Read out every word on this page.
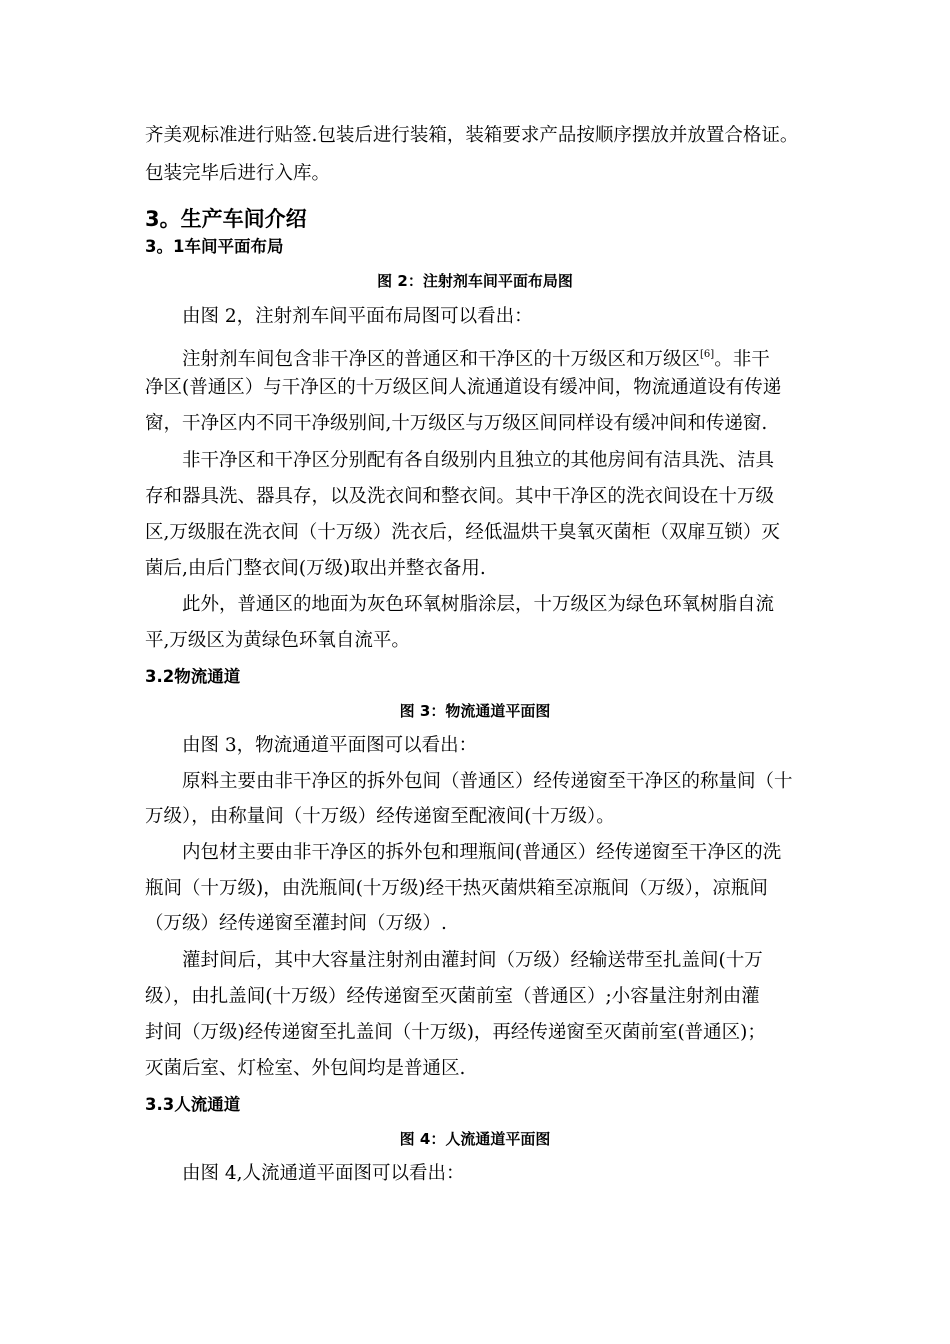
齐美观标准进行贴签.包装后进行装箱，装箱要求产品按顺序摆放并放置合格证。
包装完毕后进行入库。
3。生产车间介绍
3。1车间平面布局
图 2：注射剂车间平面布局图
由图 2，注射剂车间平面布局图可以看出：
注射剂车间包含非干净区的普通区和干净区的十万级区和万级区[6]。非干
净区(普通区）与干净区的十万级区间人流通道设有缓冲间，物流通道设有传递
窗，干净区内不同干净级别间,十万级区与万级区间同样设有缓冲间和传递窗.
非干净区和干净区分别配有各自级别内且独立的其他房间有洁具洗、洁具
存和器具洗、器具存，以及洗衣间和整衣间。其中干净区的洗衣间设在十万级
区,万级服在洗衣间（十万级）洗衣后，经低温烘干臭氧灭菌柜（双扉互锁）灭
菌后,由后门整衣间(万级)取出并整衣备用.
此外，普通区的地面为灰色环氧树脂涂层，十万级区为绿色环氧树脂自流
平,万级区为黄绿色环氧自流平。
3.2物流通道
图 3：物流通道平面图
由图 3，物流通道平面图可以看出：
原料主要由非干净区的拆外包间（普通区）经传递窗至干净区的称量间（十
万级），由称量间（十万级）经传递窗至配液间(十万级）。
内包材主要由非干净区的拆外包和理瓶间(普通区）经传递窗至干净区的洗
瓶间（十万级)，由洗瓶间(十万级)经干热灭菌烘箱至凉瓶间（万级），凉瓶间
（万级）经传递窗至灌封间（万级）.
灌封间后，其中大容量注射剂由灌封间（万级）经输送带至扎盖间(十万
级），由扎盖间(十万级）经传递窗至灭菌前室（普通区）;小容量注射剂由灌
封间（万级)经传递窗至扎盖间（十万级)，再经传递窗至灭菌前室(普通区)；
灭菌后室、灯检室、外包间均是普通区.
3.3人流通道
图 4：人流通道平面图
由图 4,人流通道平面图可以看出：
